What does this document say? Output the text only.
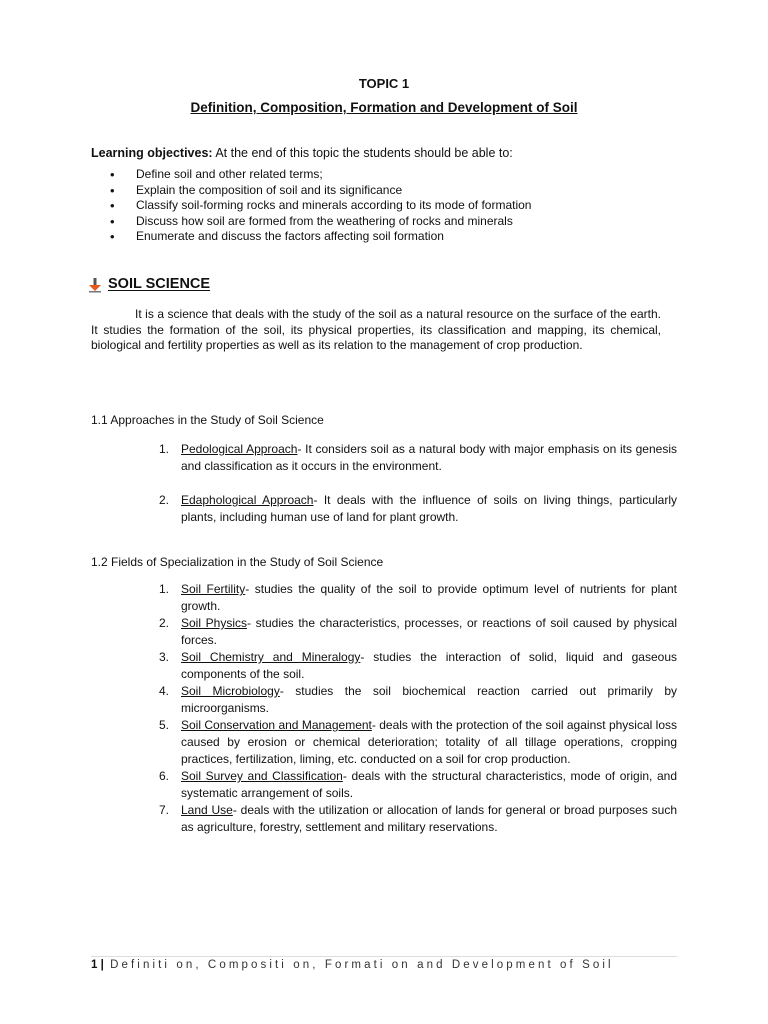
TOPIC 1
Definition, Composition, Formation and Development of Soil
Learning objectives: At the end of this topic the students should be able to:
• Define soil and other related terms;
• Explain the composition of soil and its significance
• Classify soil-forming rocks and minerals according to its mode of formation
• Discuss how soil are formed from the weathering of rocks and minerals
• Enumerate and discuss the factors affecting soil formation
SOIL SCIENCE
It is a science that deals with the study of the soil as a natural resource on the surface of the earth. It studies the formation of the soil, its physical properties, its classification and mapping, its chemical, biological and fertility properties as well as its relation to the management of crop production.
1.1 Approaches in the Study of Soil Science
1. Pedological Approach- It considers soil as a natural body with major emphasis on its genesis and classification as it occurs in the environment.
2. Edaphological Approach- It deals with the influence of soils on living things, particularly plants, including human use of land for plant growth.
1.2 Fields of Specialization in the Study of Soil Science
1. Soil Fertility- studies the quality of the soil to provide optimum level of nutrients for plant growth.
2. Soil Physics- studies the characteristics, processes, or reactions of soil caused by physical forces.
3. Soil Chemistry and Mineralogy- studies the interaction of solid, liquid and gaseous components of the soil.
4. Soil Microbiology- studies the soil biochemical reaction carried out primarily by microorganisms.
5. Soil Conservation and Management- deals with the protection of the soil against physical loss caused by erosion or chemical deterioration; totality of all tillage operations, cropping practices, fertilization, liming, etc. conducted on a soil for crop production.
6. Soil Survey and Classification- deals with the structural characteristics, mode of origin, and systematic arrangement of soils.
7. Land Use- deals with the utilization or allocation of lands for general or broad purposes such as agriculture, forestry, settlement and military reservations.
1 | Definiti on, Compositi on, Formati on and Development of Soil
